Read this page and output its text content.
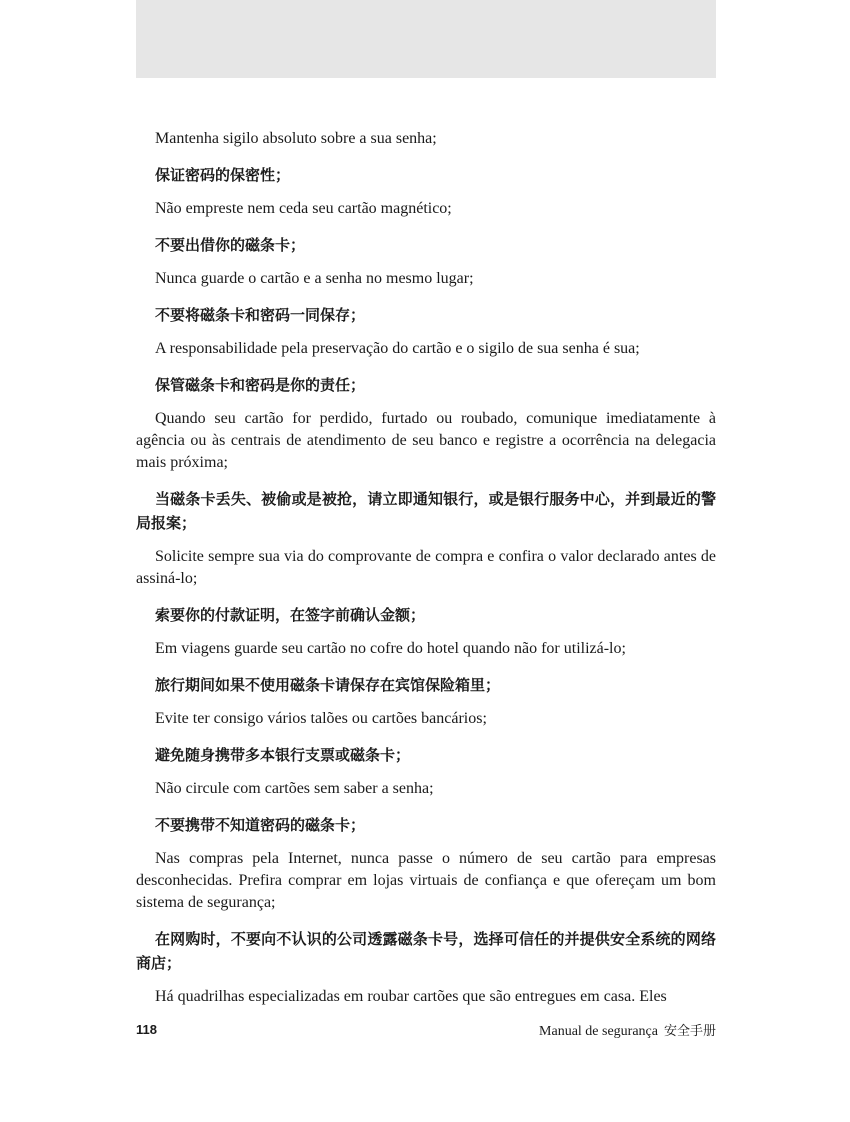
Mantenha sigilo absoluto sobre a sua senha;

保证密码的保密性；

Não empreste nem ceda seu cartão magnético;

不要出借你的磁条卡；

Nunca guarde o cartão e a senha no mesmo lugar;

不要将磁条卡和密码一同保存；

A responsabilidade pela preservação do cartão e o sigilo de sua senha é sua;

保管磁条卡和密码是你的责任；

Quando seu cartão for perdido, furtado ou roubado, comunique imediatamente à agência ou às centrais de atendimento de seu banco e registre a ocorrência na delegacia mais próxima;

当磁条卡丢失、被偷或是被抢，请立即通知银行，或是银行服务中心，并到最近的警局报案；

Solicite sempre sua via do comprovante de compra e confira o valor declarado antes de assiná-lo;

索要你的付款证明，在签字前确认金额；

Em viagens guarde seu cartão no cofre do hotel quando não for utilizá-lo;

旅行期间如果不使用磁条卡请保存在宾馆保险箱里；

Evite ter consigo vários talões ou cartões bancários;

避免随身携带多本银行支票或磁条卡；

Não circule com cartões sem saber a senha;

不要携带不知道密码的磁条卡；

Nas compras pela Internet, nunca passe o número de seu cartão para empresas desconhecidas. Prefira comprar em lojas virtuais de confiança e que ofereçam um bom sistema de segurança;

在网购时，不要向不认识的公司透露磁条卡号，选择可信任的并提供安全系统的网络商店；

Há quadrilhas especializadas em roubar cartões que são entregues em casa. Eles

118	Manual de segurança 安全手册
